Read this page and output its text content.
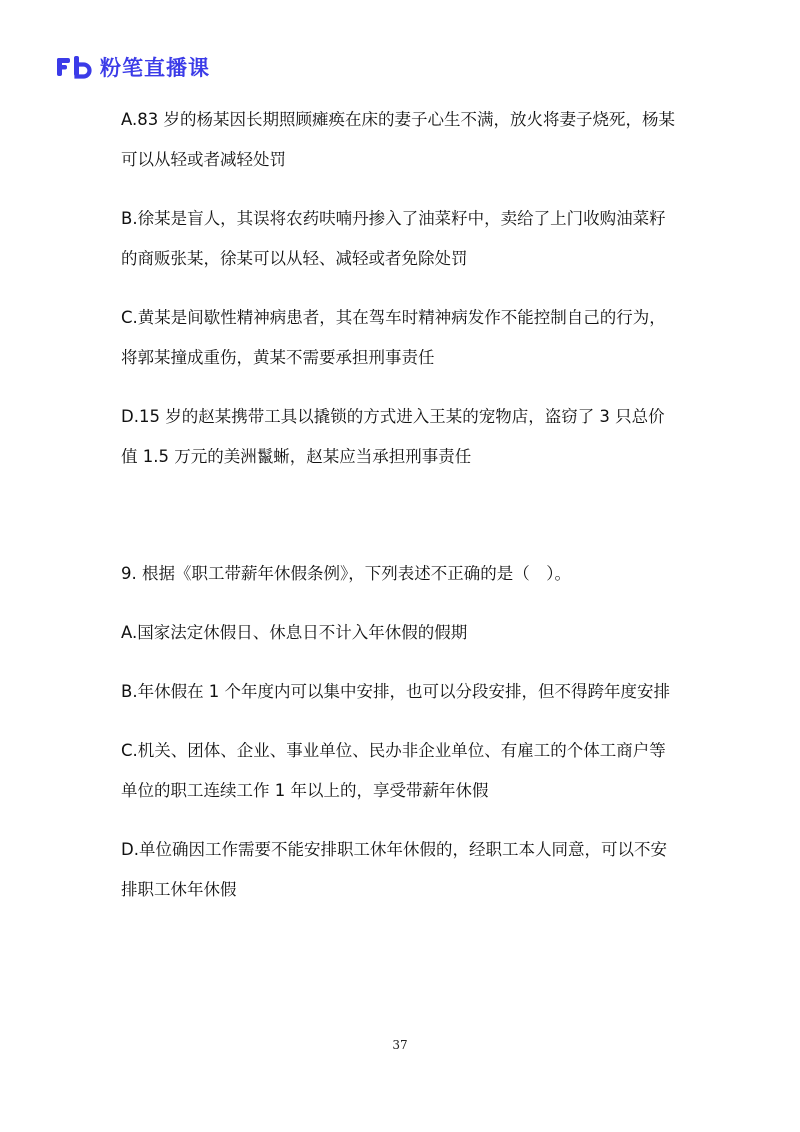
粉笔直播课

A.83 岁的杨某因长期照顾瘫痪在床的妻子心生不满，放火将妻子烧死，杨某可以从轻或者减轻处罚

B.徐某是盲人，其误将农药呋喃丹掺入了油菜籽中，卖给了上门收购油菜籽的商贩张某，徐某可以从轻、减轻或者免除处罚

C.黄某是间歇性精神病患者，其在驾车时精神病发作不能控制自己的行为，将郭某撞成重伤，黄某不需要承担刑事责任

D.15 岁的赵某携带工具以撬锁的方式进入王某的宠物店，盗窃了 3 只总价值 1.5 万元的美洲鬣蜥，赵某应当承担刑事责任

9. 根据《职工带薪年休假条例》，下列表述不正确的是（　）。

A.国家法定休假日、休息日不计入年休假的假期

B.年休假在 1 个年度内可以集中安排，也可以分段安排，但不得跨年度安排

C.机关、团体、企业、事业单位、民办非企业单位、有雇工的个体工商户等单位的职工连续工作 1 年以上的，享受带薪年休假

D.单位确因工作需要不能安排职工休年休假的，经职工本人同意，可以不安排职工休年休假

37
